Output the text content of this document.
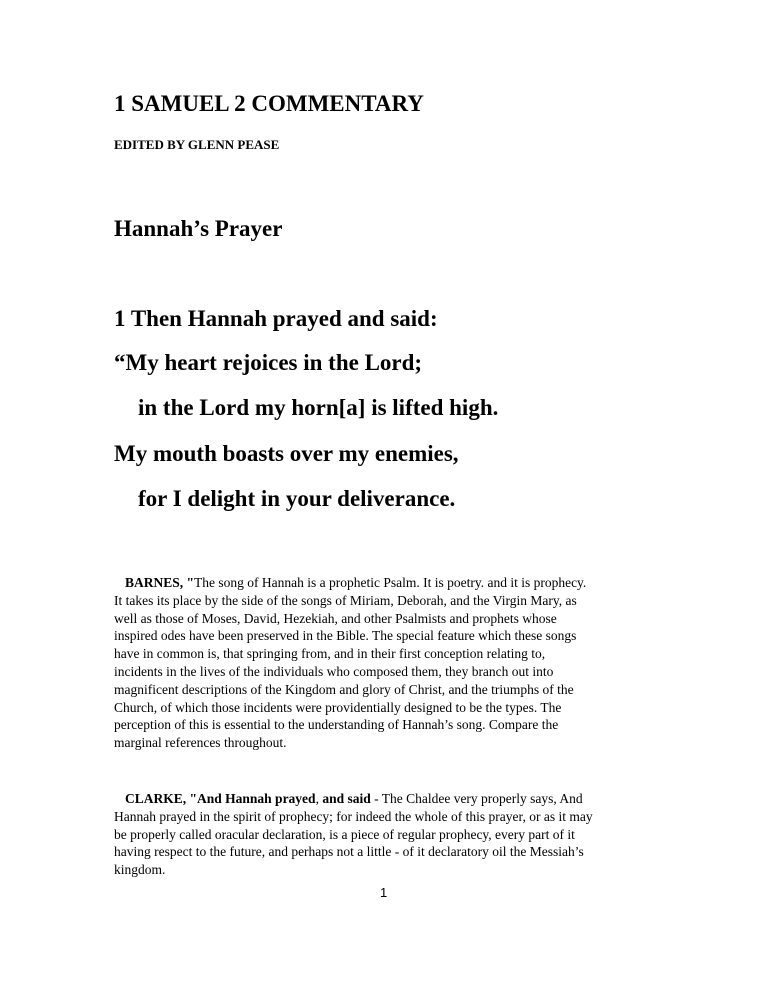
1 SAMUEL 2 COMMENTARY
EDITED BY GLENN PEASE
Hannah’s Prayer
1 Then Hannah prayed and said:
“My heart rejoices in the Lord;
in the Lord my horn[a] is lifted high.
My mouth boasts over my enemies,
for I delight in your deliverance.
BARNES, "The song of Hannah is a prophetic Psalm. It is poetry. and it is prophecy.
It takes its place by the side of the songs of Miriam, Deborah, and the Virgin Mary, as
well as those of Moses, David, Hezekiah, and other Psalmists and prophets whose
inspired odes have been preserved in the Bible. The special feature which these songs
have in common is, that springing from, and in their first conception relating to,
incidents in the lives of the individuals who composed them, they branch out into
magnificent descriptions of the Kingdom and glory of Christ, and the triumphs of the
Church, of which those incidents were providentially designed to be the types. The
perception of this is essential to the understanding of Hannah’s song. Compare the
marginal references throughout.
CLARKE, "And Hannah prayed, and said - The Chaldee very properly says, And
Hannah prayed in the spirit of prophecy; for indeed the whole of this prayer, or as it may
be properly called oracular declaration, is a piece of regular prophecy, every part of it
having respect to the future, and perhaps not a little - of it declaratory oil the Messiah’s
kingdom.
1
